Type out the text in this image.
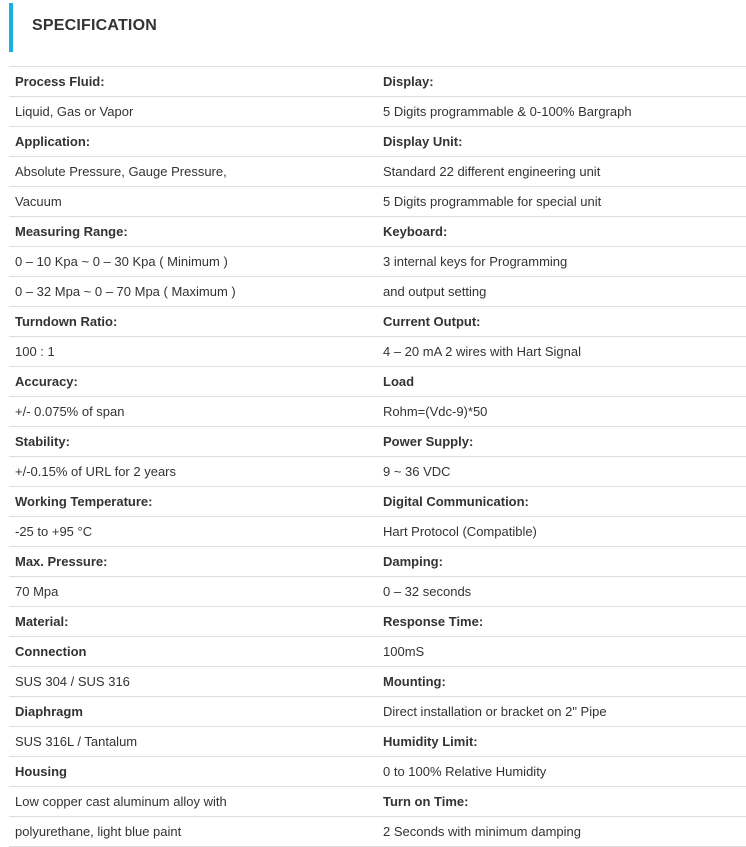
SPECIFICATION
Process Fluid:	Display:
Liquid, Gas or Vapor	5 Digits programmable & 0-100% Bargraph
Application:	Display Unit:
Absolute Pressure, Gauge Pressure,	Standard 22 different engineering unit
Vacuum	5 Digits programmable for special unit
Measuring Range:	Keyboard:
0 – 10 Kpa ~ 0 – 30 Kpa ( Minimum )	3 internal keys for Programming
0 – 32 Mpa ~ 0 – 70 Mpa ( Maximum )	and output setting
Turndown Ratio:	Current Output:
100 : 1	4 – 20 mA 2 wires with Hart Signal
Accuracy:	Load
+/- 0.075% of span	Rohm=(Vdc-9)*50
Stability:	Power Supply:
+/-0.15% of URL for 2 years	9 ~ 36 VDC
Working Temperature:	Digital Communication:
-25 to +95 °C	Hart Protocol (Compatible)
Max. Pressure:	Damping:
70 Mpa	0 – 32 seconds
Material:	Response Time:
Connection	100mS
SUS 304 / SUS 316	Mounting:
Diaphragm	Direct installation or bracket on 2" Pipe
SUS 316L / Tantalum	Humidity Limit:
Housing	0 to 100% Relative Humidity
Low copper cast aluminum alloy with	Turn on Time:
polyurethane, light blue paint	2 Seconds with minimum damping
